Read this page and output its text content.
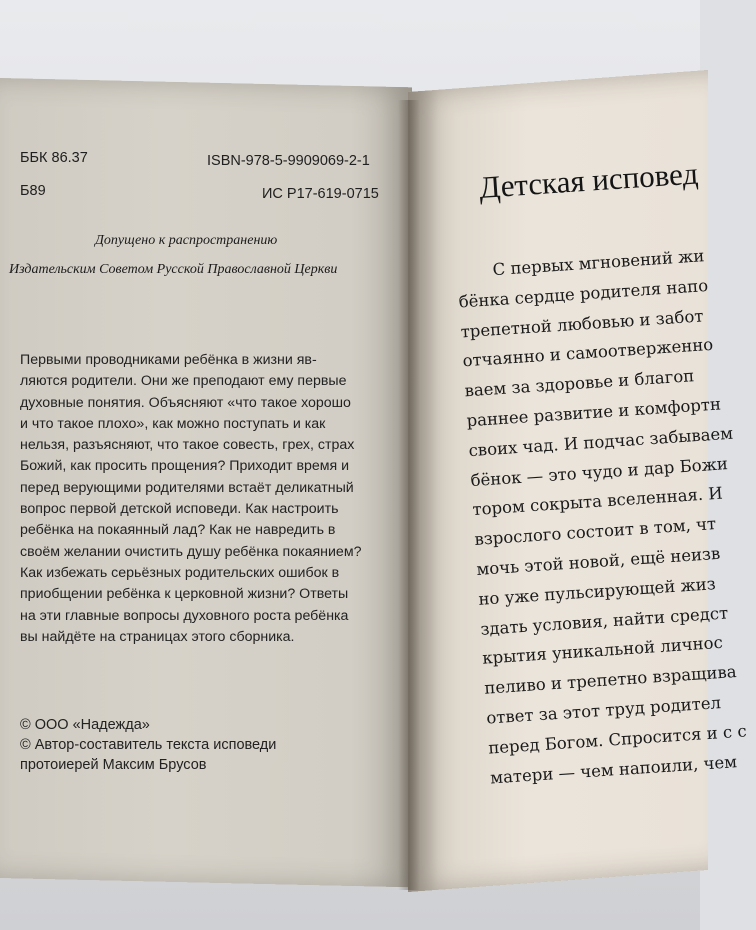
ББК 86.37
Б89
ISBN-978-5-9909069-2-1
ИС Р17-619-0715
Допущено к распространению
Издательским Советом Русской Православной Церкви
Первыми проводниками ребёнка в жизни яв-
ляются родители. Они же преподают ему первые
духовные понятия. Объясняют «что такое хорошо
и что такое плохо», как можно поступать и как
нельзя, разъясняют, что такое совесть, грех, страх
Божий, как просить прощения? Приходит время и
перед верующими родителями встаёт деликатный
вопрос первой детской исповеди. Как настроить
ребёнка на покаянный лад? Как не навредить в
своём желании очистить душу ребёнка покаянием?
Как избежать серьёзных родительских ошибок в
приобщении ребёнка к церковной жизни? Ответы
на эти главные вопросы духовного роста ребёнка
вы найдёте на страницах этого сборника.
© ООО «Надежда»
© Автор-составитель текста исповеди
протоиерей Максим Брусов
Детская исповед
С первых мгновений жи
бёнка сердце родителя напо
трепетной любовью и забот
отчаянно и самоотверженно
ваем за здоровье и благоп
раннее развитие и комфортн
своих чад. И подчас забываем
бёнок — это чудо и дар Божи
тором сокрыта вселенная. И
взрослого состоит в том, чт
мочь этой новой, ещё неизв
но уже пульсирующей жиз
здать условия, найти средст
крытия уникальной личнос
пеливо и трепетно взращива
ответ за этот труд родител
перед Богом. Спросится и с с
матери — чем напоили, чем
